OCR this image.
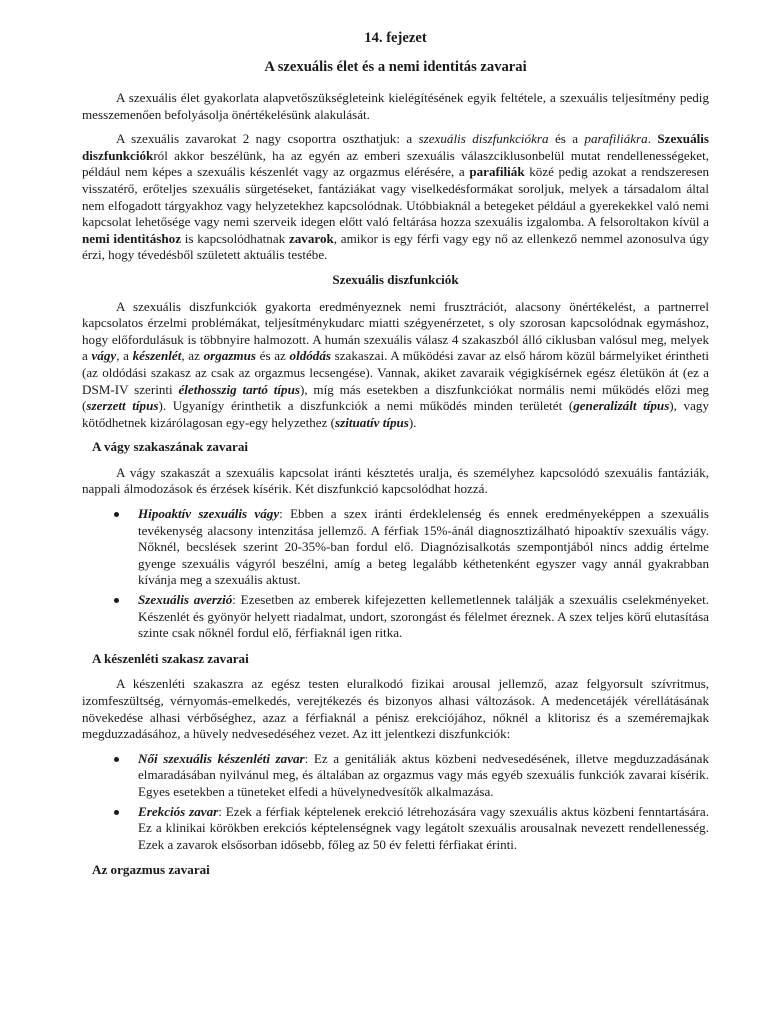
14. fejezet
A szexuális élet és a nemi identitás zavarai

A szexuális élet gyakorlata alapvetőszükségleteink kielégítésének egyik feltétele, a szexuális teljesítmény pedig messzemenően befolyásolja önértékelésünk alakulását.

A szexuális zavarokat 2 nagy csoportra oszthatjuk: a szexuális diszfunkciókra és a parafiliákra. Szexuális diszfunkciókról akkor beszélünk, ha az egyén az emberi szexuális válaszciklusonbelül mutat rendellenességeket, például nem képes a szexuális készenlét vagy az orgazmus elérésére, a parafiliák közé pedig azokat a rendszeresen visszatérő, erőteljes szexuális sürgetéseket, fantáziákat vagy viselkedésformákat soroljuk, melyek a társadalom által nem elfogadott tárgyakhoz vagy helyzetekhez kapcsolódnak. Utóbbiaknál a betegeket például a gyerekekkel való nemi kapcsolat lehetősége vagy nemi szerveik idegen előtt való feltárása hozza szexuális izgalomba. A felsoroltakon kívül a nemi identitáshoz is kapcsolódhatnak zavarok, amikor is egy férfi vagy egy nő az ellenkező nemmel azonosulva úgy érzi, hogy tévedésből született aktuális testébe.

Szexuális diszfunkciók

A szexuális diszfunkciók gyakorta eredményeznek nemi frusztrációt, alacsony önértékelést, a partnerrel kapcsolatos érzelmi problémákat, teljesítménykudarc miatti szégyenérzetet, s oly szorosan kapcsolódnak egymáshoz, hogy előfordulásuk is többnyire halmozott. A humán szexuális válasz 4 szakaszból álló ciklusban valósul meg, melyek a vágy, a készenlét, az orgazmus és az oldódás szakaszai. A működési zavar az első három közül bármelyiket érintheti (az oldódási szakasz az csak az orgazmus lecsengése). Vannak, akiket zavaraik végigkísérnek egész életükön át (ez a DSM-IV szerinti élethosszig tartó típus), míg más esetekben a diszfunkciókat normális nemi működés előzi meg (szerzett típus). Ugyanígy érinthetik a diszfunkciók a nemi működés minden területét (generalizált típus), vagy kötődhetnek kizárólagosan egy-egy helyzethez (szituatív típus).

A vágy szakaszának zavarai

A vágy szakaszát a szexuális kapcsolat iránti késztetés uralja, és személyhez kapcsolódó szexuális fantáziák, nappali álmodozások és érzések kísérik. Két diszfunkció kapcsolódhat hozzá.

Hipoaktív szexuális vágy: Ebben a szex iránti érdeklelenség és ennek eredményeképpen a szexuális tevékenység alacsony intenzitása jellemző. A férfiak 15%-ánál diagnosztizálható hipoaktív szexuális vágy. Nőknél, becslések szerint 20-35%-ban fordul elő. Diagnózisalkotás szempontjából nincs addig értelme gyenge szexuális vágyról beszélni, amíg a beteg legalább kéthetenként egyszer vagy annál gyakrabban kívánja meg a szexuális aktust.
Szexuális averzió: Ezesetben az emberek kifejezetten kellemetlennek találják a szexuális cselekményeket. Készenlét és gyönyör helyett riadalmat, undort, szorongást és félelmet éreznek. A szex teljes körű elutasítása szinte csak nőknél fordul elő, férfiaknál igen ritka.
A készenléti szakasz zavarai

A készenléti szakaszra az egész testen eluralkodó fizikai arousal jellemző, azaz felgyorsult szívritmus, izomfeszültség, vérnyomás-emelkedés, verejtékezés és bizonyos alhasi változások. A medencetájék vérellátásának növekedése alhasi vérbőséghez, azaz a férfiaknál a pénisz erekciójához, nőknél a klitorisz és a szeméremajkak megduzzadásához, a hüvely nedvesedéséhez vezet. Az itt jelentkezi diszfunkciók:

Női szexuális készenléti zavar: Ez a genitáliák aktus közbeni nedvesedésének, illetve megduzzadásának elmaradásában nyilvánul meg, és általában az orgazmus vagy más egyéb szexuális funkciók zavarai kísérik. Egyes esetekben a tüneteket elfedi a hüvelynedvesítők alkalmazása.
Erekciós zavar: Ezek a férfiak képtelenek erekció létrehozására vagy szexuális aktus közbeni fenntartására. Ez a klinikai körökben erekciós képtelenségnek vagy legátolt szexuális arousalnak nevezett rendellenesség. Ezek a zavarok elsősorban idősebb, főleg az 50 év feletti férfiakat érinti.
Az orgazmus zavarai
